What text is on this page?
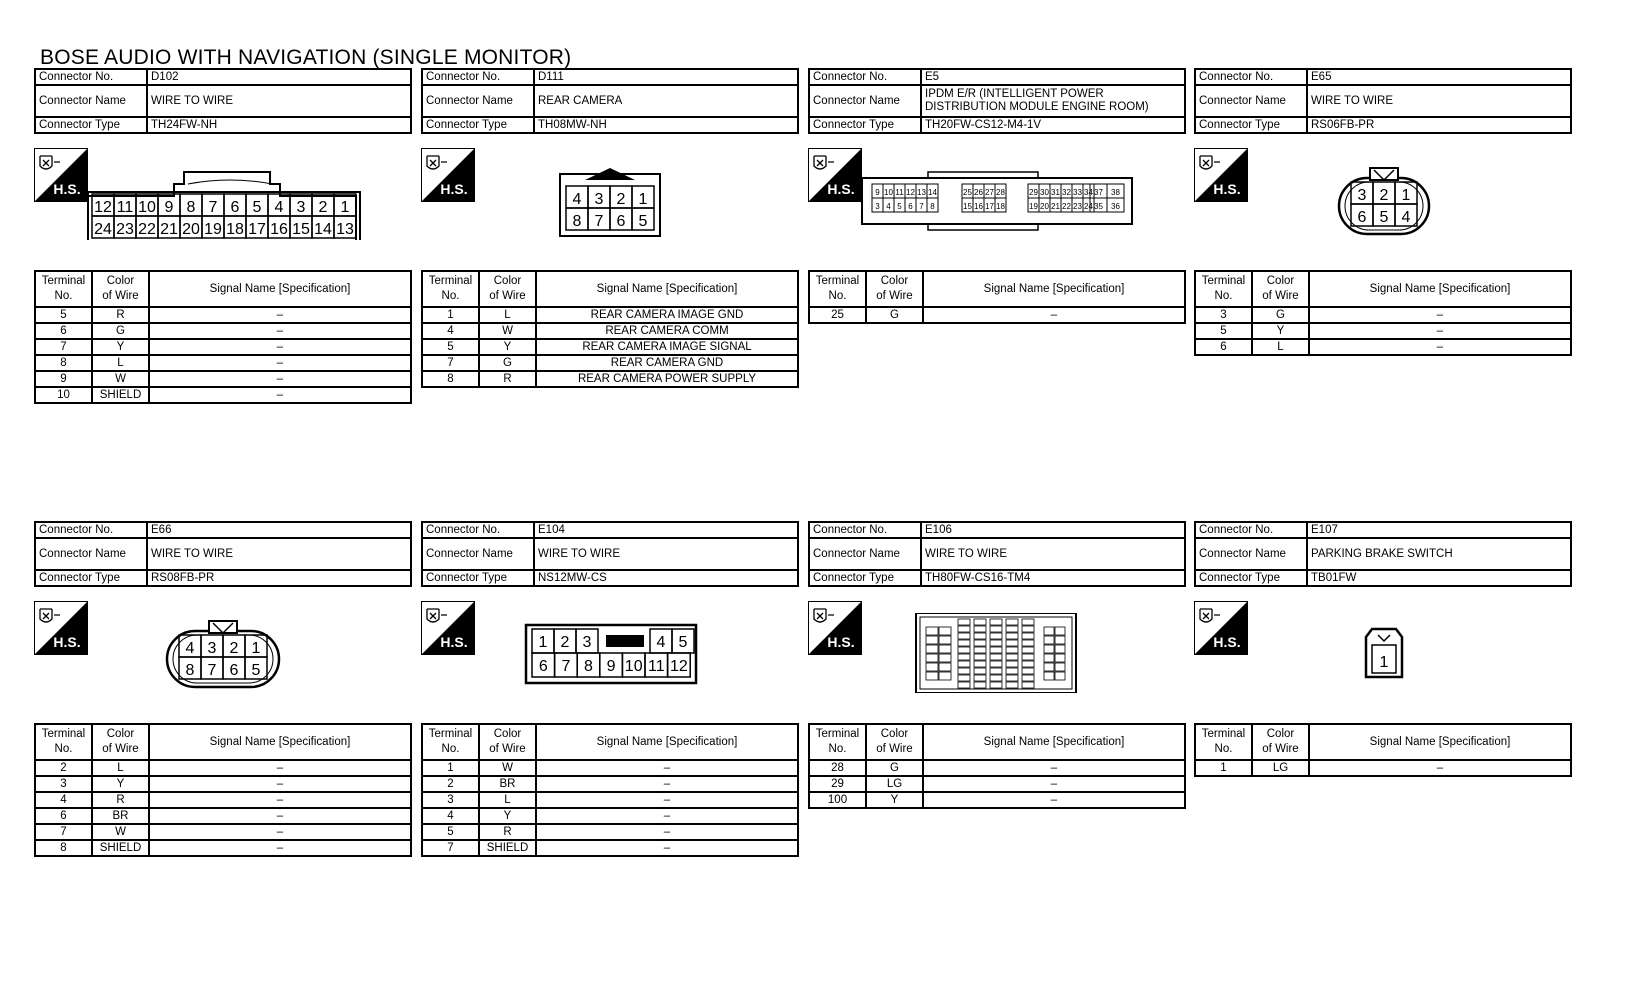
BOSE AUDIO WITH NAVIGATION (SINGLE MONITOR)
Connector No.	D102
Connector Name	WIRE TO WIRE
Connector Type	TH24FW-NH
H.S.
12 11 10 9 8 7 6 5 4 3 2 1
24 23 22 21 20 19 18 17 16 15 14 13
Terminal
No.	Color
of Wire	Signal Name [Specification]
5	R	–
6	G	–
7	Y	–
8	L	–
9	W	–
10	SHIELD	–
Connector No.	D111
Connector Name	REAR CAMERA
Connector Type	TH08MW-NH
H.S.
4 3 2 1
8 7 6 5
Terminal
No.	Color
of Wire	Signal Name [Specification]
1	L	REAR CAMERA IMAGE GND
4	W	REAR CAMERA COMM
5	Y	REAR CAMERA IMAGE SIGNAL
7	G	REAR CAMERA GND
8	R	REAR CAMERA POWER SUPPLY
Connector No.	E5
Connector Name	IPDM E/R (INTELLIGENT POWER DISTRIBUTION MODULE ENGINE ROOM)
Connector Type	TH20FW-CS12-M4-1V
H.S.	9
3
10
4
11
5
12
6
13
7
14
8
25
15
26
16
27
17
28
18
29
19
30
20
31
21
32
22
33
23
34
24
37
35
38
36
Terminal
No.	Color
of Wire	Signal Name [Specification]
25	G	–
Connector No.	E65
Connector Name	WIRE TO WIRE
Connector Type	RS06FB-PR
H.S.	3 2 1
6 5 4
Terminal
No.	Color
of Wire	Signal Name [Specification]
3	G	–
5	Y	–
6	L	–
Connector No.	E66
Connector Name	WIRE TO WIRE
Connector Type	RS08FB-PR
H.S.	4 3 2 1
8 7 6 5
Terminal
No.	Color
of Wire	Signal Name [Specification]
2	L	–
3	Y	–
4	R	–
6	BR	–
7	W	–
8	SHIELD	–
Connector No.	E104
Connector Name	WIRE TO WIRE
Connector Type	NS12MW-CS
H.S.	1 2 3	4 5
6 7 8 9 10 11 12
Terminal
No.	Color
of Wire	Signal Name [Specification]
1	W	–
2	BR	–
3	L	–
4	Y	–
5	R	–
7	SHIELD	–
Connector No.	E106
Connector Name	WIRE TO WIRE
Connector Type	TH80FW-CS16-TM4
H.S.
Terminal
No.	Color
of Wire	Signal Name [Specification]
28	G	–
29	LG	–
100	Y	–
Connector No.	E107
Connector Name	PARKING BRAKE SWITCH
Connector Type	TB01FW
H.S.
1
Terminal
No.	Color
of Wire	Signal Name [Specification]
1	LG	–
